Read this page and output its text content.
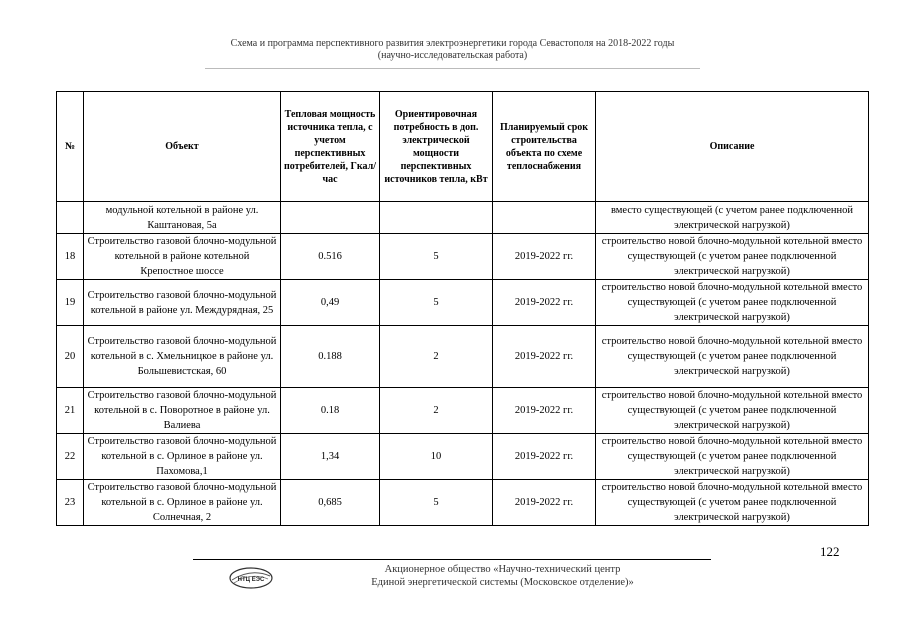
Схема и программа перспективного развития электроэнергетики города Севастополя на 2018-2022 годы
(научно-исследовательская работа)
№	Объект	Тепловая мощность источника тепла, с учетом перспективных потребителей, Гкал/час	Ориентировочная потребность в доп. электрической мощности перспективных источников тепла, кВт	Планируемый срок строительства объекта по схеме теплоснабжения	Описание
	модульной котельной в районе ул. Каштановая, 5а				вместо существующей (с учетом ранее подключенной электрической нагрузкой)
18	Строительство газовой блочно-модульной котельной в районе котельной Крепостное шоссе	0.516	5	2019-2022 гг.	строительство новой блочно-модульной котельной вместо существующей (с учетом ранее подключенной электрической нагрузкой)
19	Строительство газовой блочно-модульной котельной в районе ул. Междурядная, 25	0,49	5	2019-2022 гг.	строительство новой блочно-модульной котельной вместо существующей (с учетом ранее подключенной электрической нагрузкой)
20	Строительство газовой блочно-модульной котельной в с. Хмельницкое в районе ул. Большевистская, 60	0.188	2	2019-2022 гг.	строительство новой блочно-модульной котельной вместо существующей (с учетом ранее подключенной электрической нагрузкой)
21	Строительство газовой блочно-модульной котельной в с. Поворотное в районе ул. Валиева	0.18	2	2019-2022 гг.	строительство новой блочно-модульной котельной вместо существующей (с учетом ранее подключенной электрической нагрузкой)
22	Строительство газовой блочно-модульной котельной в с. Орлиное в районе ул. Пахомова,1	1,34	10	2019-2022 гг.	строительство новой блочно-модульной котельной вместо существующей (с учетом ранее подключенной электрической нагрузкой)
23	Строительство газовой блочно-модульной котельной в с. Орлиное в районе ул. Солнечная, 2	0,685	5	2019-2022 гг.	строительство новой блочно-модульной котельной вместо существующей (с учетом ранее подключенной электрической нагрузкой)
122
НТЦ ЕЭС
Акционерное общество «Научно-технический центр
Единой энергетической системы (Московское отделение)»
